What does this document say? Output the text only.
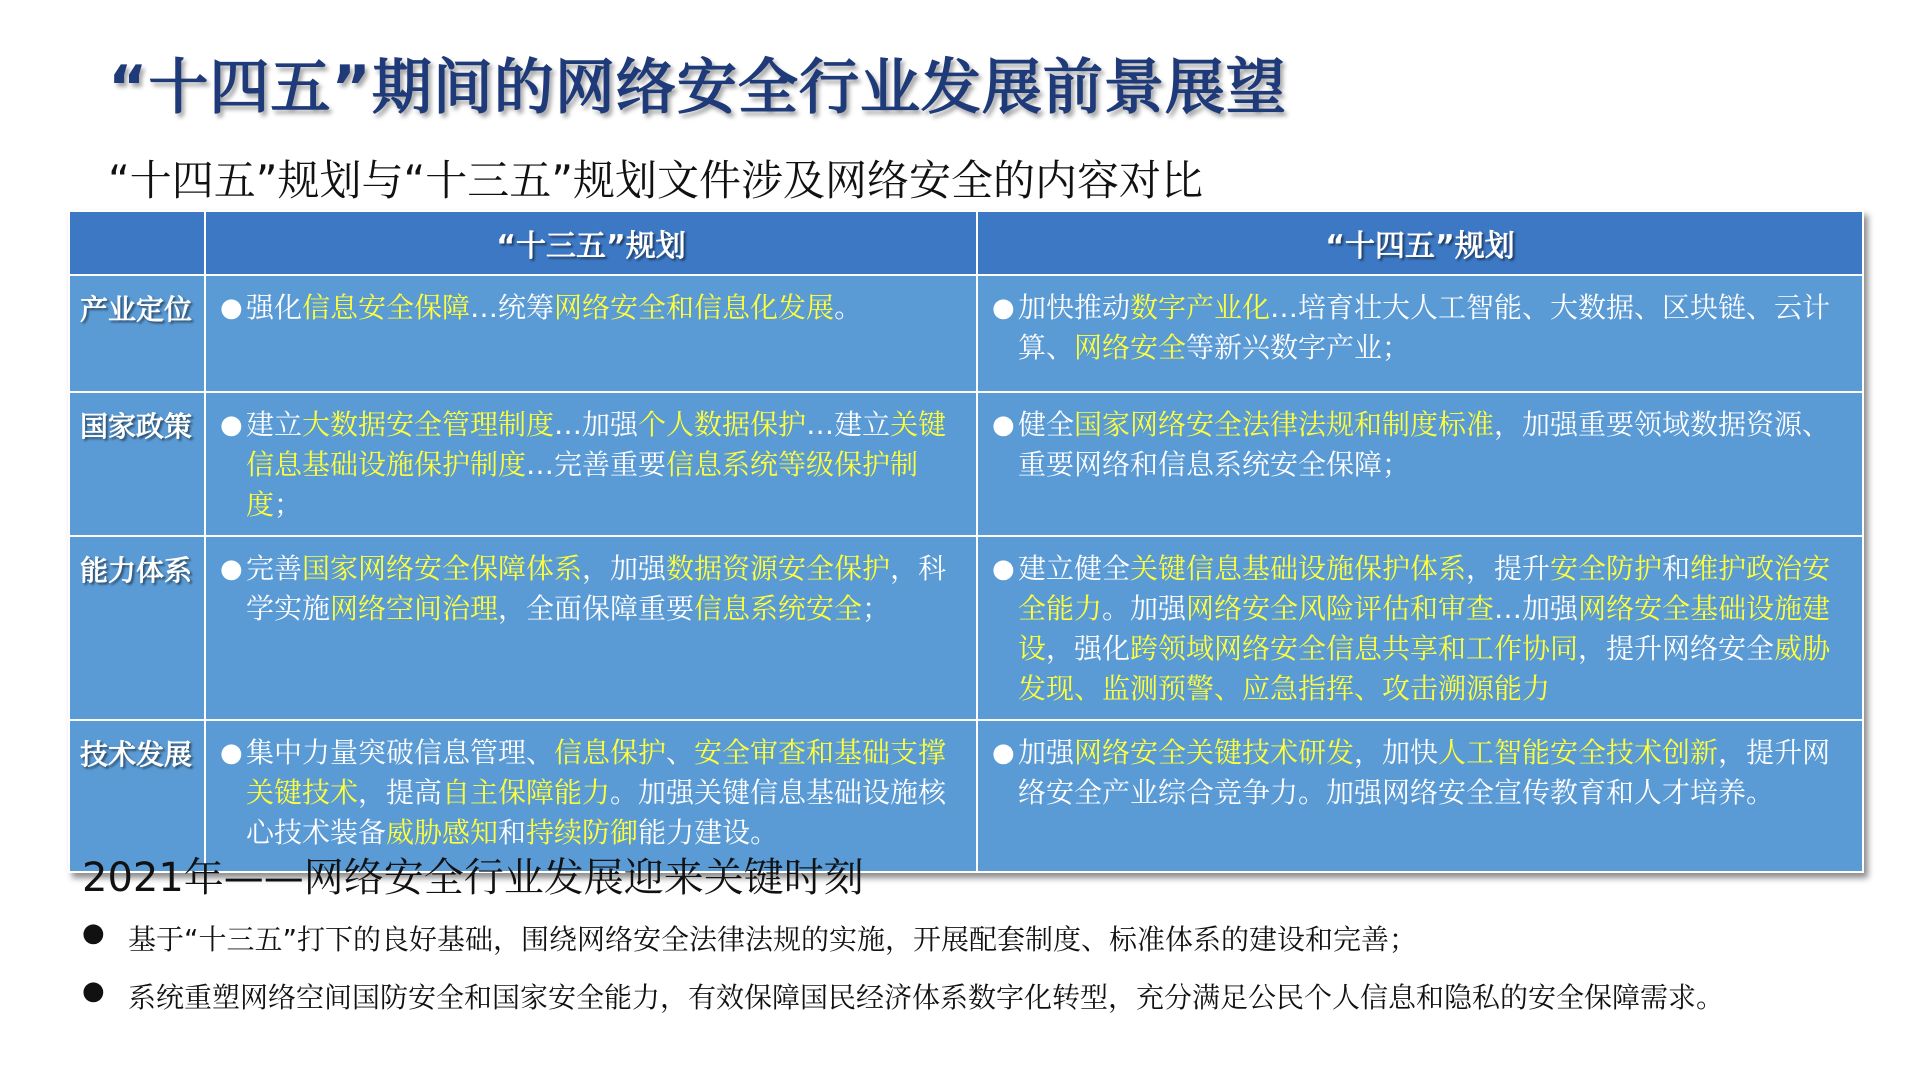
“十四五”期间的网络安全行业发展前景展望
“十四五”规划与“十三五”规划文件涉及网络安全的内容对比
	“十三五”规划	“十四五”规划
产业定位	● 强化信息安全保障…统筹网络安全和信息化发展。	● 加快推动数字产业化…培育壮大人工智能、大数据、区块链、云计算、网络安全等新兴数字产业；

国家政策	● 建立大数据安全管理制度…加强个人数据保护…建立关键信息基础设施保护制度…完善重要信息系统等级保护制度；	● 健全国家网络安全法律法规和制度标准，加强重要领域数据资源、重要网络和信息系统安全保障；

能力体系	● 完善国家网络安全保障体系，加强数据资源安全保护，科学实施网络空间治理，全面保障重要信息系统安全；	● 建立健全关键信息基础设施保护体系，提升安全防护和维护政治安全能力。加强网络安全风险评估和审查…加强网络安全基础设施建设，强化跨领域网络安全信息共享和工作协同，提升网络安全威胁发现、监测预警、应急指挥、攻击溯源能力

技术发展	● 集中力量突破信息管理、信息保护、安全审查和基础支撑关键技术，提高自主保障能力。加强关键信息基础设施核心技术装备威胁感知和持续防御能力建设。	● 加强网络安全关键技术研发，加快人工智能安全技术创新，提升网络安全产业综合竞争力。加强网络安全宣传教育和人才培养。
2021年——网络安全行业发展迎来关键时刻
● 基于“十三五”打下的良好基础，围绕网络安全法律法规的实施，开展配套制度、标准体系的建设和完善；
● 系统重塑网络空间国防安全和国家安全能力，有效保障国民经济体系数字化转型，充分满足公民个人信息和隐私的安全保障需求。
